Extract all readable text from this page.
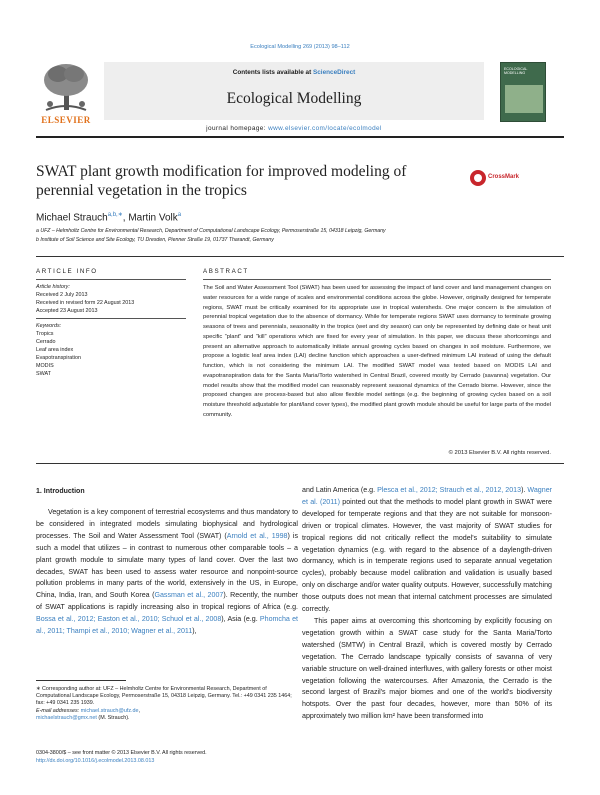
Ecological Modelling 269 (2013) 98–112
ELSEVIER
Contents lists available at ScienceDirect
Ecological Modelling
journal homepage: www.elsevier.com/locate/ecolmodel
ECOLOGICAL MODELLING
SWAT plant growth modification for improved modeling of perennial vegetation in the tropics
CrossMark
Michael Strauch$^{a,b,∗}$, Martin Volk$^a$
a UFZ – Helmholtz Centre for Environmental Research, Department of Computational Landscape Ecology, Permoserstraße 15, 04318 Leipzig, Germany
b Institute of Soil Science and Site Ecology, TU Dresden, Pienner Straße 19, 01737 Tharandt, Germany
ARTICLE INFO
Article history:
Received 2 July 2013
Received in revised form 22 August 2013
Accepted 23 August 2013
Keywords:
Tropics
Cerrado
Leaf area index
Evapotranspiration
MODIS
SWAT
ABSTRACT
The Soil and Water Assessment Tool (SWAT) has been used for assessing the impact of land cover and land management changes on water resources for a wide range of scales and environmental conditions across the globe. However, originally designed for temperate regions, SWAT must be critically examined for its appropriate use in tropical watersheds. One major concern is the simulation of perennial tropical vegetation due to the absence of dormancy. While for temperate regions SWAT uses dormancy to terminate growing seasons of trees and perennials, seasonality in the tropics (wet and dry season) can only be represented by defining date or heat unit specific “plant” and “kill” operations which are fixed for every year of simulation. In this paper, we discuss these shortcomings and present an alternative approach to automatically initiate annual growing cycles based on changes in soil moisture. Furthermore, we propose a logistic leaf area index (LAI) decline function which approaches a user-defined minimum LAI instead of using the default function, which is not considering the minimum LAI. The modified SWAT model was tested based on MODIS LAI and evapotranspiration data for the Santa Maria/Torto watershed in Central Brazil, covered mostly by Cerrado (savanna) vegetation. Our model results show that the modified model can reasonably represent seasonal dynamics of the Cerrado biome. However, since the proposed changes are process-based but also allow flexible model settings (e.g. the beginning of growing cycles based on a soil moisture threshold adjustable for plant/land cover types), the modified plant growth module should be useful for large parts of the model community.
© 2013 Elsevier B.V. All rights reserved.
1. Introduction
Vegetation is a key component of terrestrial ecosystems and thus mandatory to be considered in integrated models simulating biophysical and hydrological processes. The Soil and Water Assessment Tool (SWAT) (Arnold et al., 1998) is such a model that utilizes – in contrast to numerous other comparable tools – a plant growth module to simulate many types of land cover. Over the last two decades, SWAT has been used to assess water resource and nonpoint-source pollution problems in many parts of the world, extensively in the US, in Europe, China, India, Iran, and South Korea (Gassman et al., 2007). Recently, the number of SWAT applications is rapidly increasing also in tropical regions of Africa (e.g. Bossa et al., 2012; Easton et al., 2010; Schuol et al., 2008), Asia (e.g. Phomcha et al., 2011; Thampi et al., 2010; Wagner et al., 2011),
and Latin America (e.g. Plesca et al., 2012; Strauch et al., 2012, 2013). Wagner et al. (2011) pointed out that the methods to model plant growth in SWAT were developed for temperate regions and that they are not suitable for monsoon-driven or tropical climates. However, the vast majority of SWAT studies for tropical regions did not critically reflect the model's suitability to simulate vegetation dynamics (e.g. with regard to the absence of a daylength-driven dormancy, which is in temperate regions used to separate annual vegetation cycles), probably because model calibration and validation is usually based only on discharge and/or water quality outputs. However, successfully matching those outputs does not mean that internal catchment processes are simulated correctly.
This paper aims at overcoming this shortcoming by explicitly focusing on vegetation growth within a SWAT case study for the Santa Maria/Torto watershed (SMTW) in Central Brazil, which is covered mostly by Cerrado vegetation. The Cerrado landscape typically consists of savanna of very variable structure on well-drained interfluves, with gallery forests or other moist vegetation following the watercourses. After Amazonia, the Cerrado is the second largest of Brazil's major biomes and one of the world's biodiversity hotspots. Over the past four decades, however, more than 50% of its approximately two million km² have been transformed into
∗ Corresponding author at: UFZ – Helmholtz Centre for Environmental Research, Department of Computational Landscape Ecology, Permoserstraße 15, 04318 Leipzig, Germany. Tel.: +49 0341 235 1464; fax: +49 0341 235 1939.
E-mail addresses: michael.strauch@ufz.de,
michaelstrauch@gmx.net (M. Strauch).
0304-3800/$ – see front matter © 2013 Elsevier B.V. All rights reserved.
http://dx.doi.org/10.1016/j.ecolmodel.2013.08.013
